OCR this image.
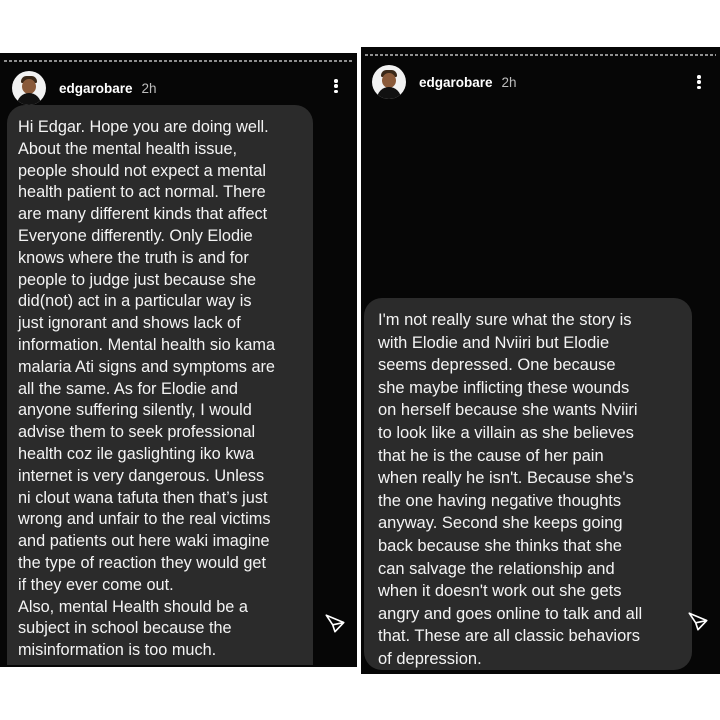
edgarobare 2h
Hi Edgar. Hope you are doing well.
About the mental health issue,
people should not expect a mental
health patient to act normal. There
are many different kinds that affect
Everyone differently. Only Elodie
knows where the truth is and for
people to judge just because she
did(not) act in a particular way is
just ignorant and shows lack of
information. Mental health sio kama
malaria Ati signs and symptoms are
all the same. As for Elodie and
anyone suffering silently, I would
advise them to seek professional
health coz ile gaslighting iko kwa
internet is very dangerous. Unless
ni clout wana tafuta then that’s just
wrong and unfair to the real victims
and patients out here waki imagine
the type of reaction they would get
if they ever come out.
Also, mental Health should be a
subject in school because the
misinformation is too much.
edgarobare 2h
I'm not really sure what the story is
with Elodie and Nviiri but Elodie
seems depressed. One because
she maybe inflicting these wounds
on herself because she wants Nviiri
to look like a villain as she believes
that he is the cause of her pain
when really he isn't. Because she's
the one having negative thoughts
anyway. Second she keeps going
back because she thinks that she
can salvage the relationship and
when it doesn't work out she gets
angry and goes online to talk and all
that. These are all classic behaviors
of depression.
